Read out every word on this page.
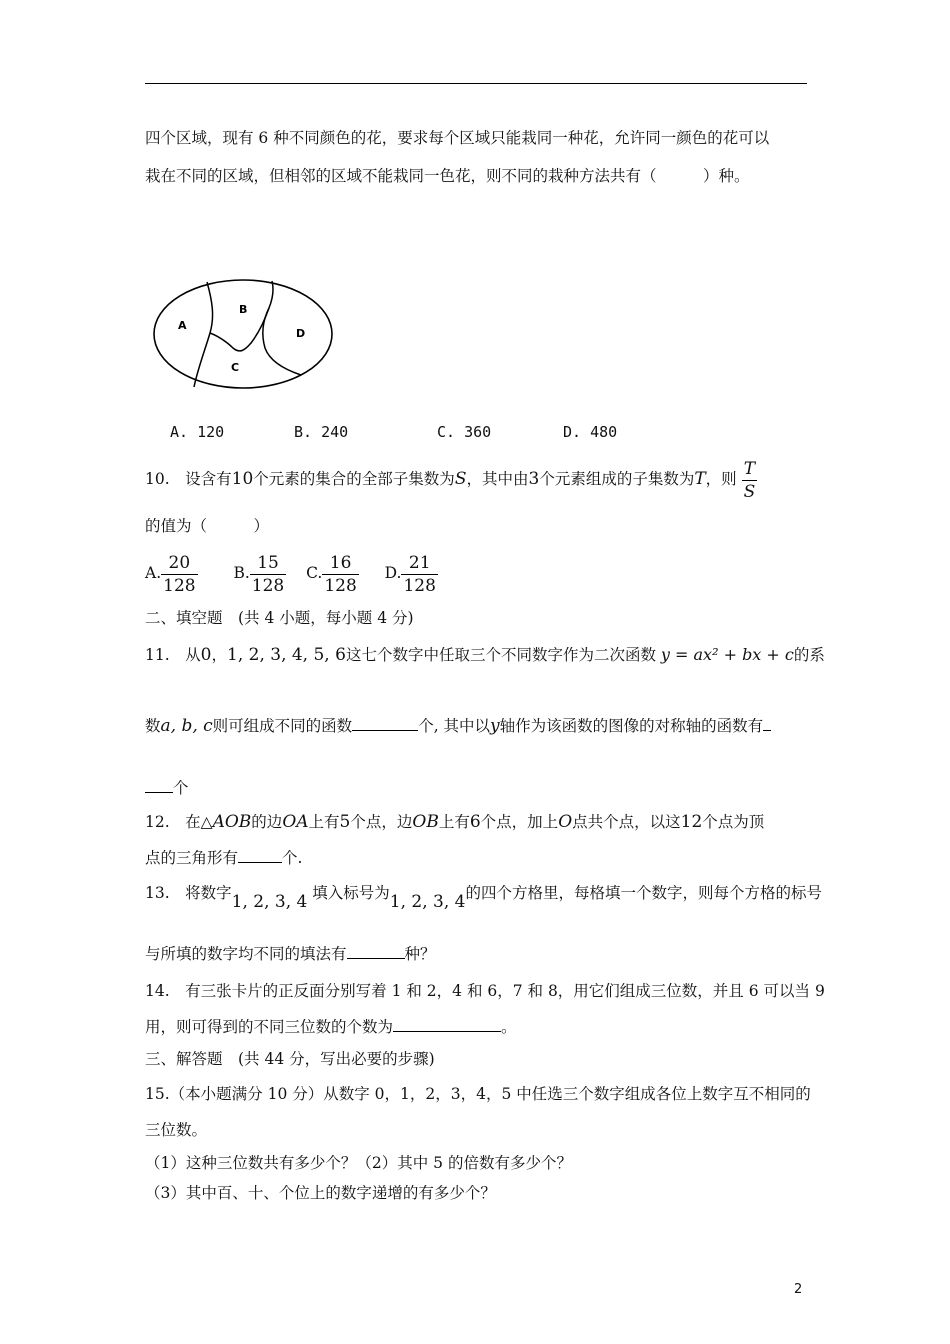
四个区域，现有 6 种不同颜色的花，要求每个区域只能栽同一种花，允许同一颜色的花可以
栽在不同的区域，但相邻的区域不能栽同一色花，则不同的栽种方法共有（　　　）种。
A
B
C
D
A. 120	B. 240	C. 360	D. 480
10.　设含有10个元素的集合的全部子集数为S，其中由3个元素组成的子集数为T，则 $\frac{T}{S}$
的值为（　　　）
A. $\frac{20}{128} B$. $\frac{15}{128} C$. $\frac{16}{128} D$. $\frac{21}{128}$
二、填空题　(共 4 小题，每小题 4 分)
11.　从0，1, 2, 3, 4, 5, 6这七个数字中任取三个不同数字作为二次函数 y = ax² + bx + c的系
数a, b, c则可组成不同的函数	个, 其中以y轴作为该函数的图像的对称轴的函数有
个
12.　在△AOB的边OA上有5个点，边OB上有6个点，加上O点共个点，以这12个点为顶
点的三角形有	个.
13.　将数字1, 2, 3, 4 填入标号为1, 2, 3, 4的四个方格里，每格填一个数字，则每个方格的标号
与所填的数字均不同的填法有	种？
14.　有三张卡片的正反面分别写着 1 和 2，4 和 6，7 和 8，用它们组成三位数，并且 6 可以当 9
用，则可得到的不同三位数的个数为	。
三、解答题　(共 44 分，写出必要的步骤)
15.（本小题满分 10 分）从数字 0，1，2，3，4，5 中任选三个数字组成各位上数字互不相同的
三位数。
（1）这种三位数共有多少个？（2）其中 5 的倍数有多少个？
（3）其中百、十、个位上的数字递增的有多少个？
2
